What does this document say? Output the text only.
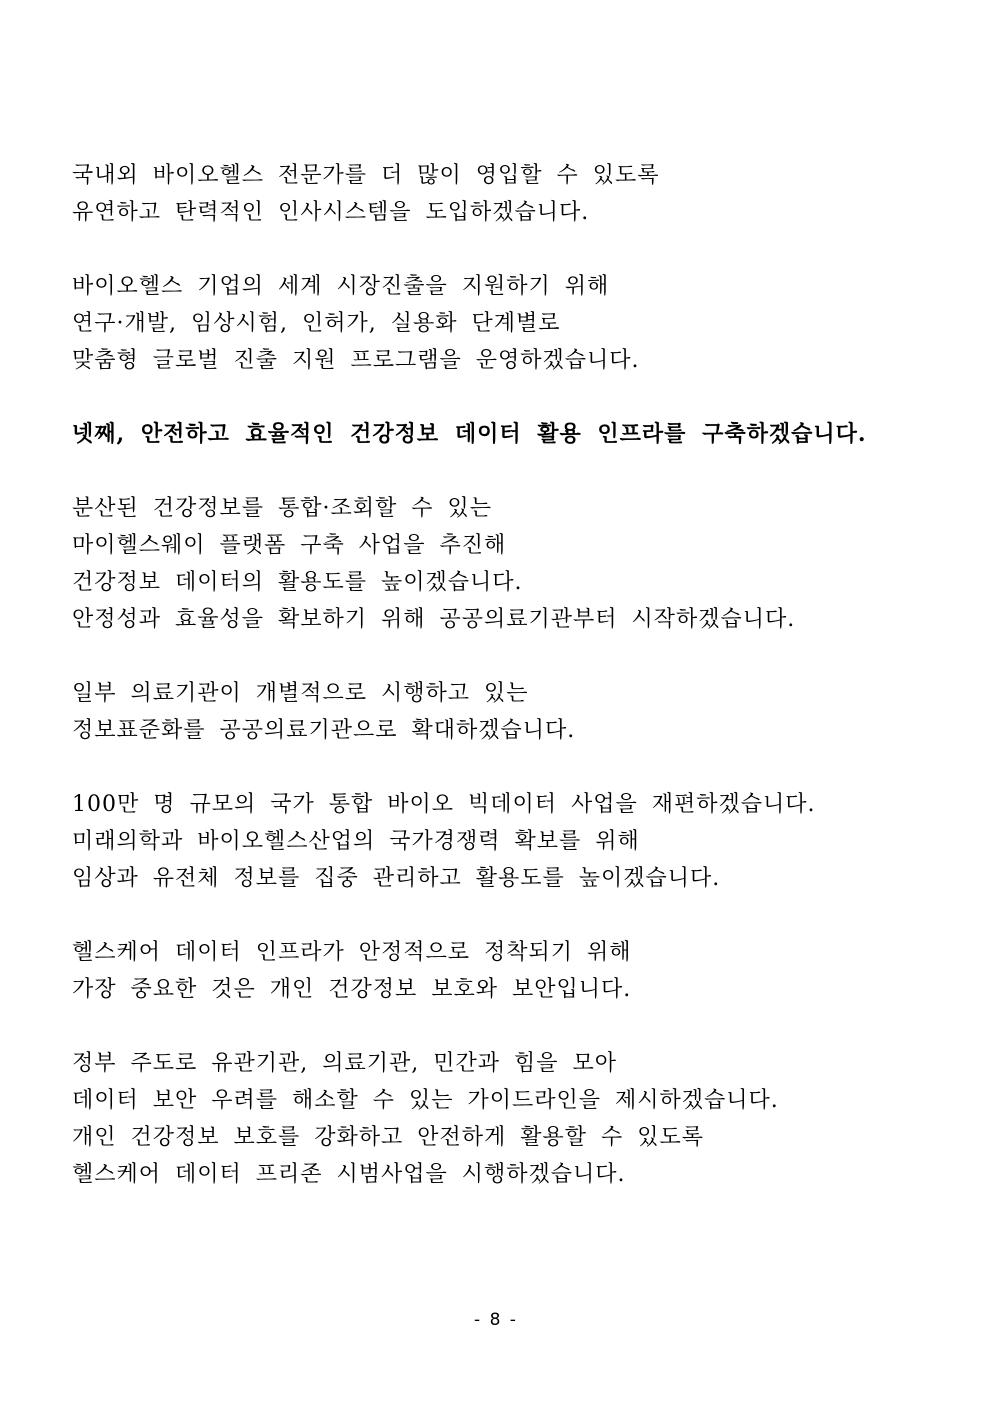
국내외 바이오헬스 전문가를 더 많이 영입할 수 있도록
유연하고 탄력적인 인사시스템을 도입하겠습니다.
바이오헬스 기업의 세계 시장진출을 지원하기 위해
연구·개발, 임상시험, 인허가, 실용화 단계별로
맞춤형 글로벌 진출 지원 프로그램을 운영하겠습니다.
넷째, 안전하고 효율적인 건강정보 데이터 활용 인프라를 구축하겠습니다.
분산된 건강정보를 통합·조회할 수 있는
마이헬스웨이 플랫폼 구축 사업을 추진해
건강정보 데이터의 활용도를 높이겠습니다.
안정성과 효율성을 확보하기 위해 공공의료기관부터 시작하겠습니다.
일부 의료기관이 개별적으로 시행하고 있는
정보표준화를 공공의료기관으로 확대하겠습니다.
100만 명 규모의 국가 통합 바이오 빅데이터 사업을 재편하겠습니다.
미래의학과 바이오헬스산업의 국가경쟁력 확보를 위해
임상과 유전체 정보를 집중 관리하고 활용도를 높이겠습니다.
헬스케어 데이터 인프라가 안정적으로 정착되기 위해
가장 중요한 것은 개인 건강정보 보호와 보안입니다.
정부 주도로 유관기관, 의료기관, 민간과 힘을 모아
데이터 보안 우려를 해소할 수 있는 가이드라인을 제시하겠습니다.
개인 건강정보 보호를 강화하고 안전하게 활용할 수 있도록
헬스케어 데이터 프리존 시범사업을 시행하겠습니다.
- 8 -
